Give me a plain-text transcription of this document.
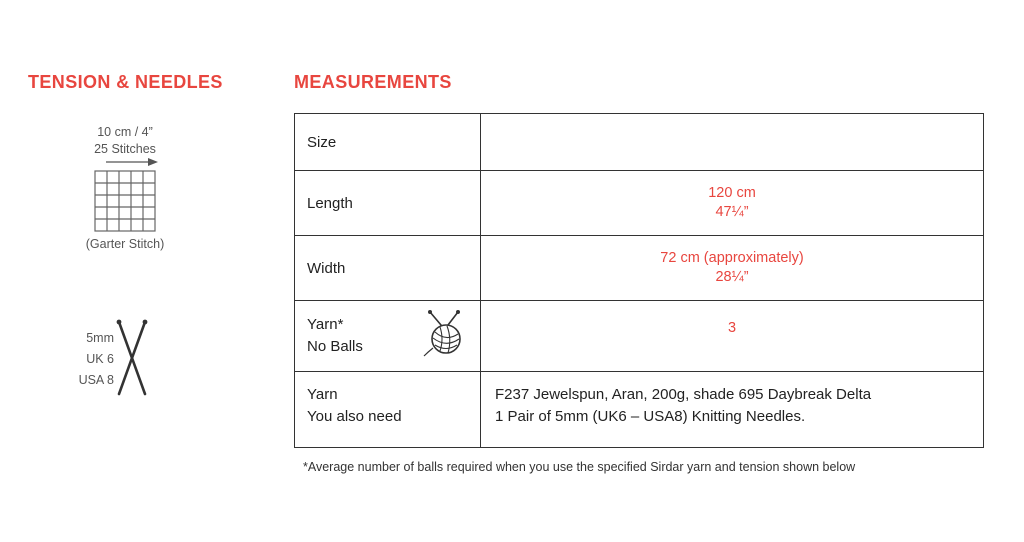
TENSION & NEEDLES	MEASUREMENTS
10 cm / 4”
25 Stitches
(Garter Stitch)
5mm
UK 6
USA 8
Size	
Length	120 cm
47¼”

Width	72 cm (approximately)
28¼”

Yarn*
No Balls	3

Yarn
You also need	F237 Jewelspun, Aran, 200g, shade 695 Daybreak Delta
1 Pair of 5mm (UK6 – USA8) Knitting Needles.

*Average number of balls required when you use the specified Sirdar yarn and tension shown below
